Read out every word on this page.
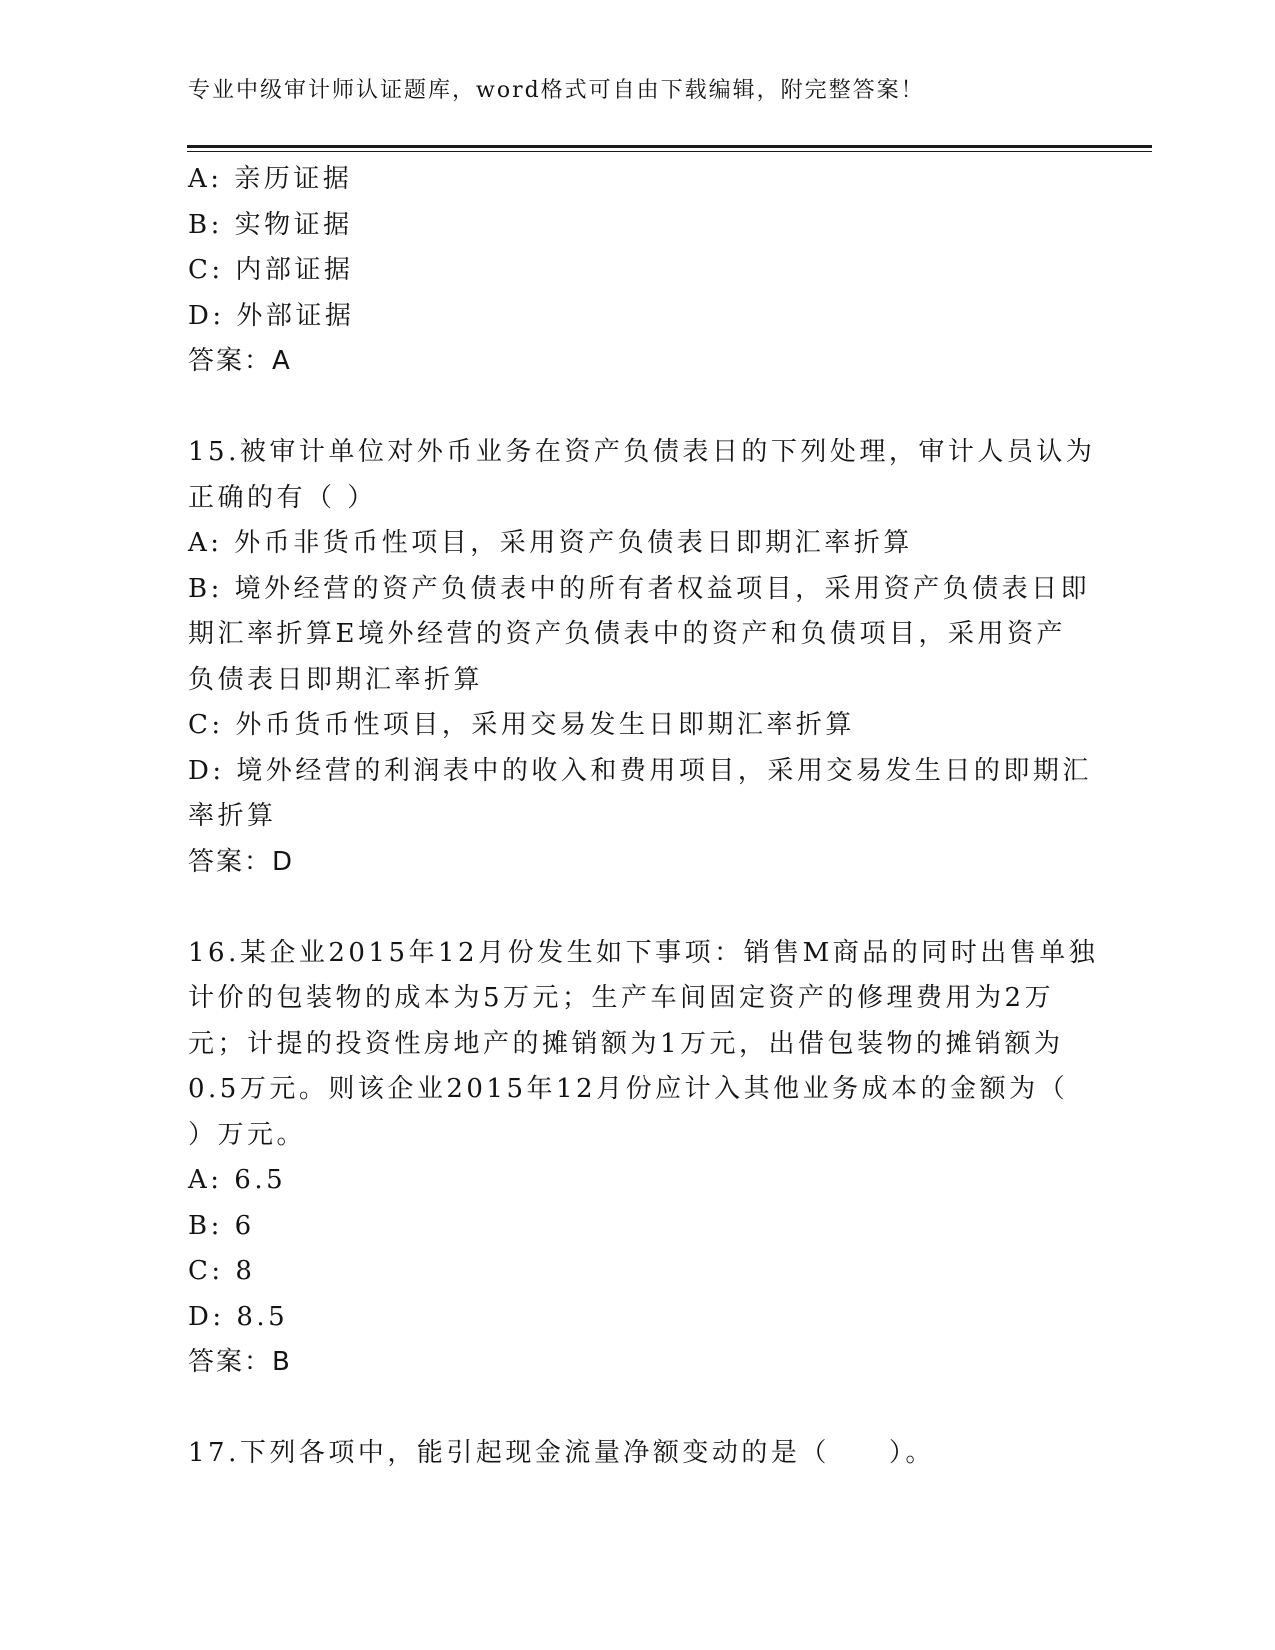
专业中级审计师认证题库，word格式可自由下载编辑，附完整答案！
A: 亲历证据
B: 实物证据
C: 内部证据
D: 外部证据
答案：A
15.被审计单位对外币业务在资产负债表日的下列处理，审计人员认为
正确的有（ ）
A: 外币非货币性项目，采用资产负债表日即期汇率折算
B: 境外经营的资产负债表中的所有者权益项目，采用资产负债表日即
期汇率折算E境外经营的资产负债表中的资产和负债项目，采用资产
负债表日即期汇率折算
C: 外币货币性项目，采用交易发生日即期汇率折算
D: 境外经营的利润表中的收入和费用项目，采用交易发生日的即期汇
率折算
答案：D
16.某企业2015年12月份发生如下事项：销售M商品的同时出售单独
计价的包装物的成本为5万元；生产车间固定资产的修理费用为2万
元；计提的投资性房地产的摊销额为1万元，出借包装物的摊销额为
0.5万元。则该企业2015年12月份应计入其他业务成本的金额为（
）万元。
A: 6.5
B: 6
C: 8
D: 8.5
答案：B
17.下列各项中，能引起现金流量净额变动的是（　　）。
